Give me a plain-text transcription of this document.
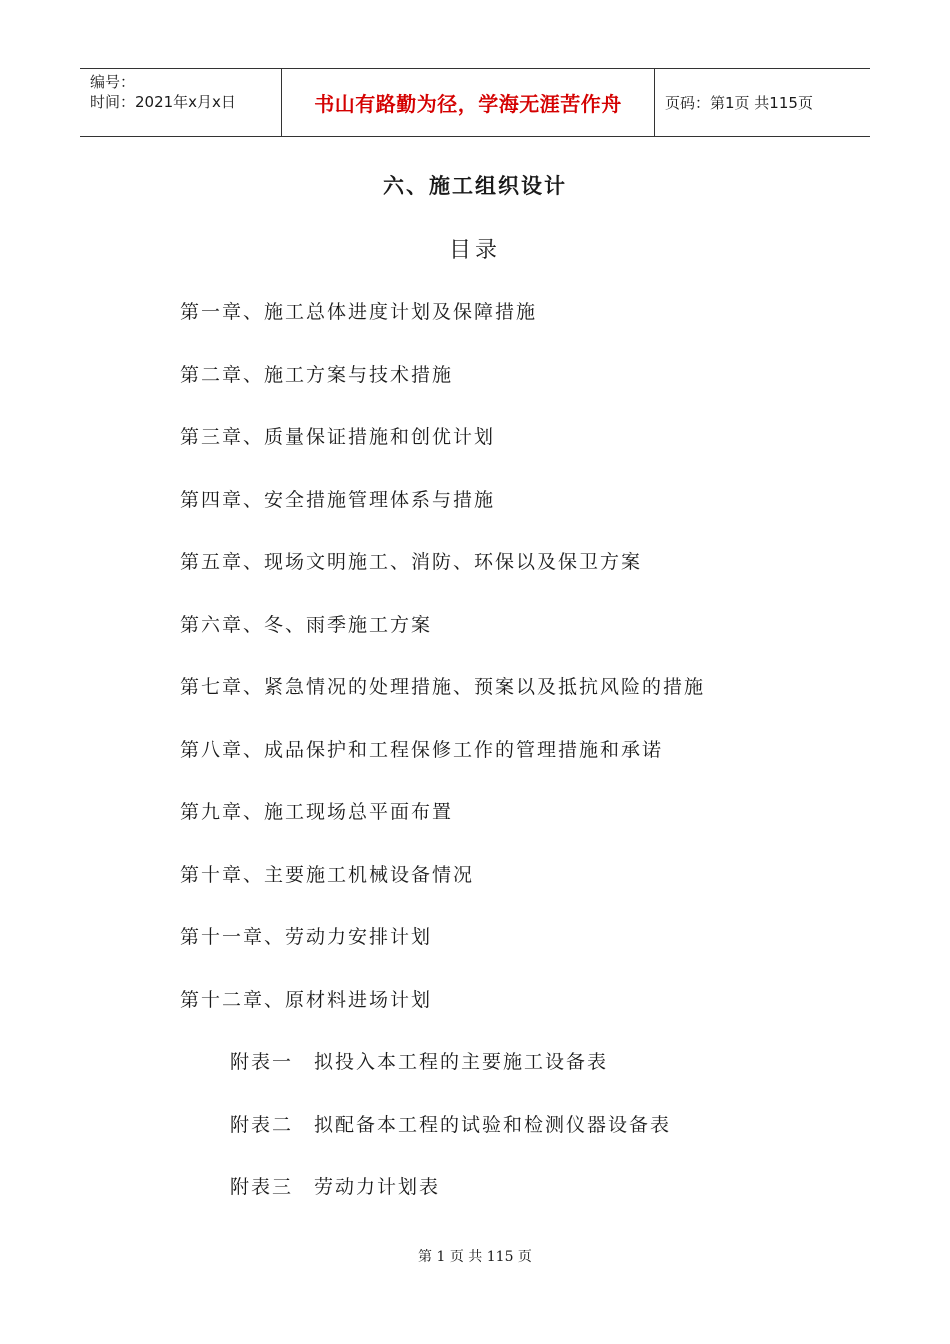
编号：
时间：2021年x月x日	书山有路勤为径，学海无涯苦作舟	页码：第1页 共115页
六、施工组织设计
目录
第一章、施工总体进度计划及保障措施
第二章、施工方案与技术措施
第三章、质量保证措施和创优计划
第四章、安全措施管理体系与措施
第五章、现场文明施工、消防、环保以及保卫方案
第六章、冬、雨季施工方案
第七章、紧急情况的处理措施、预案以及抵抗风险的措施
第八章、成品保护和工程保修工作的管理措施和承诺
第九章、施工现场总平面布置
第十章、主要施工机械设备情况
第十一章、劳动力安排计划
第十二章、原材料进场计划
附表一　拟投入本工程的主要施工设备表
附表二　拟配备本工程的试验和检测仪器设备表
附表三　劳动力计划表
第 1 页 共 115 页
